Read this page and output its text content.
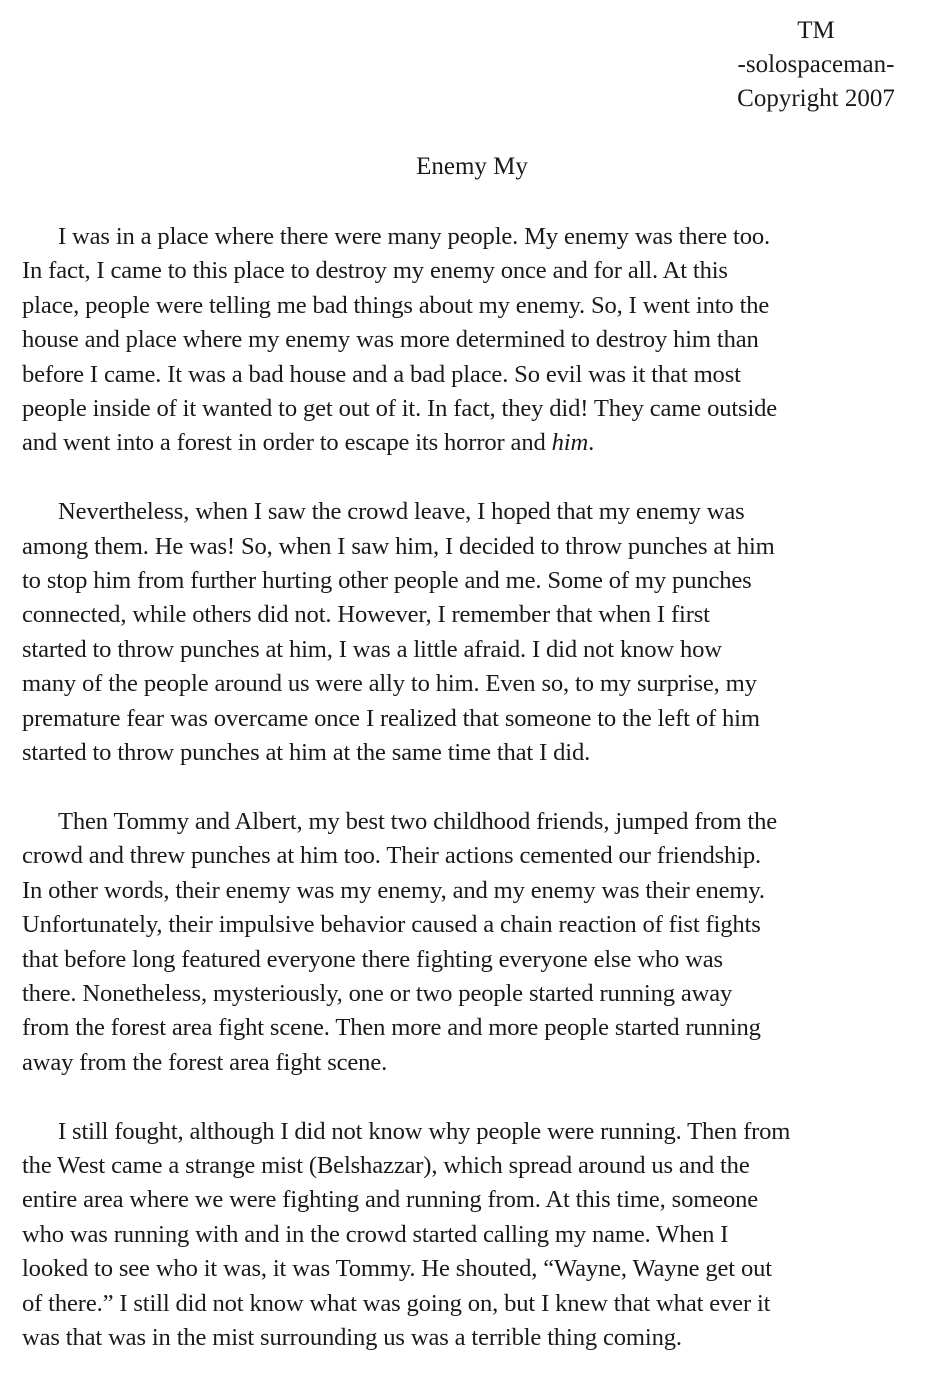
TM
-solospaceman-
Copyright 2007
Enemy My

I was in a place where there were many people. My enemy was there too.
In fact, I came to this place to destroy my enemy once and for all. At this
place, people were telling me bad things about my enemy. So, I went into the
house and place where my enemy was more determined to destroy him than
before I came. It was a bad house and a bad place. So evil was it that most
people inside of it wanted to get out of it. In fact, they did! They came outside
and went into a forest in order to escape its horror and him.

Nevertheless, when I saw the crowd leave, I hoped that my enemy was
among them. He was! So, when I saw him, I decided to throw punches at him
to stop him from further hurting other people and me. Some of my punches
connected, while others did not. However, I remember that when I first
started to throw punches at him, I was a little afraid. I did not know how
many of the people around us were ally to him. Even so, to my surprise, my
premature fear was overcame once I realized that someone to the left of him
started to throw punches at him at the same time that I did.

Then Tommy and Albert, my best two childhood friends, jumped from the
crowd and threw punches at him too. Their actions cemented our friendship.
In other words, their enemy was my enemy, and my enemy was their enemy.
Unfortunately, their impulsive behavior caused a chain reaction of fist fights
that before long featured everyone there fighting everyone else who was
there. Nonetheless, mysteriously, one or two people started running away
from the forest area fight scene. Then more and more people started running
away from the forest area fight scene.

I still fought, although I did not know why people were running. Then from
the West came a strange mist (Belshazzar), which spread around us and the
entire area where we were fighting and running from. At this time, someone
who was running with and in the crowd started calling my name. When I
looked to see who it was, it was Tommy. He shouted, “Wayne, Wayne get out
of there.” I still did not know what was going on, but I knew that what ever it
was that was in the mist surrounding us was a terrible thing coming.
